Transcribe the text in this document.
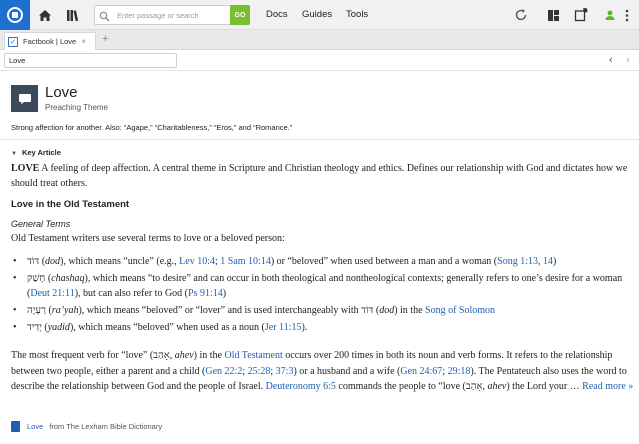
Enter passage or search
GO	Docs Guides Tools
✓ Factbook | Love × +
Love
‹ ›
Love
Preaching Theme
Strong affection for another. Also: “Agape,” “Charitableness,” “Eros,” and “Romance.”
▼ Key Article

LOVE A feeling of deep affection. A central theme in Scripture and Christian theology and ethics. Defines our relationship with God and dictates how we should treat others.

Love in the Old Testament
General Terms
Old Testament writers use several terms to love or a beloved person:
• דּוֹד (dod), which means “uncle” (e.g., Lev 10:4; 1 Sam 10:14) or “beloved” when used between a man and a woman (Song 1:13, 14)
• חָשַׁק (chashaq), which means “to desire” and can occur in both theological and nontheological contexts; generally refers to one’s desire for a woman (Deut 21:11), but can also refer to God (Ps 91:14)
• רַעְיָה (ra’yah), which means “beloved” or “lover” and is used interchangeably with דּוֹד (dod) in the Song of Solomon
• יָדִיד (yadid), which means “beloved” when used as a noun (Jer 11:15).
The most frequent verb for “love” (אָהַב, ahev) in the Old Testament occurs over 200 times in both its noun and verb forms. It refers to the relationship between two people, either a parent and a child (Gen 22:2; 25:28; 37:3) or a husband and a wife (Gen 24:67; 29:18). The Pentateuch also uses the word to describe the relationship between God and the people of Israel. Deuteronomy 6:5 commands the people to “love (אָהַב, ahev) the Lord your … Read more »
Love from The Lexham Bible Dictionary
